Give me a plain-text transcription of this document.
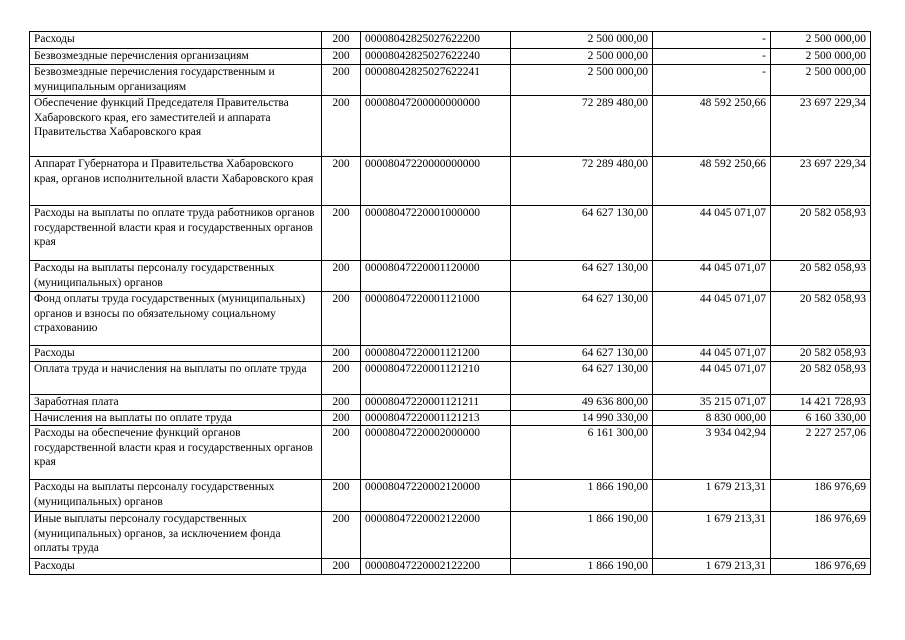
Расходы	200	00008042825027622200	2 500 000,00	-	2 500 000,00
Безвозмездные перечисления организациям	200	00008042825027622240	2 500 000,00	-	2 500 000,00
Безвозмездные перечисления государственным и муниципальным организациям	200	00008042825027622241	2 500 000,00	-	2 500 000,00
Обеспечение функций Председателя Правительства Хабаровского края, его заместителей и аппарата Правительства Хабаровского края	200	00008047200000000000	72 289 480,00	48 592 250,66	23 697 229,34
Аппарат Губернатора и Правительства Хабаровского края, органов исполнительной власти Хабаровского края	200	00008047220000000000	72 289 480,00	48 592 250,66	23 697 229,34
Расходы на выплаты по оплате труда работников органов государственной власти края и государственных органов края	200	00008047220001000000	64 627 130,00	44 045 071,07	20 582 058,93
Расходы на выплаты персоналу государственных (муниципальных) органов	200	00008047220001120000	64 627 130,00	44 045 071,07	20 582 058,93
Фонд оплаты труда государственных (муниципальных) органов и взносы по обязательному социальному страхованию	200	00008047220001121000	64 627 130,00	44 045 071,07	20 582 058,93
Расходы	200	00008047220001121200	64 627 130,00	44 045 071,07	20 582 058,93
Оплата труда и начисления на выплаты по оплате труда	200	00008047220001121210	64 627 130,00	44 045 071,07	20 582 058,93
Заработная плата	200	00008047220001121211	49 636 800,00	35 215 071,07	14 421 728,93
Начисления на выплаты по оплате труда	200	00008047220001121213	14 990 330,00	8 830 000,00	6 160 330,00
Расходы на обеспечение функций органов государственной власти края и государственных органов края	200	00008047220002000000	6 161 300,00	3 934 042,94	2 227 257,06
Расходы на выплаты персоналу государственных (муниципальных) органов	200	00008047220002120000	1 866 190,00	1 679 213,31	186 976,69
Иные выплаты персоналу государственных (муниципальных) органов, за исключением фонда оплаты труда	200	00008047220002122000	1 866 190,00	1 679 213,31	186 976,69
Расходы	200	00008047220002122200	1 866 190,00	1 679 213,31	186 976,69
